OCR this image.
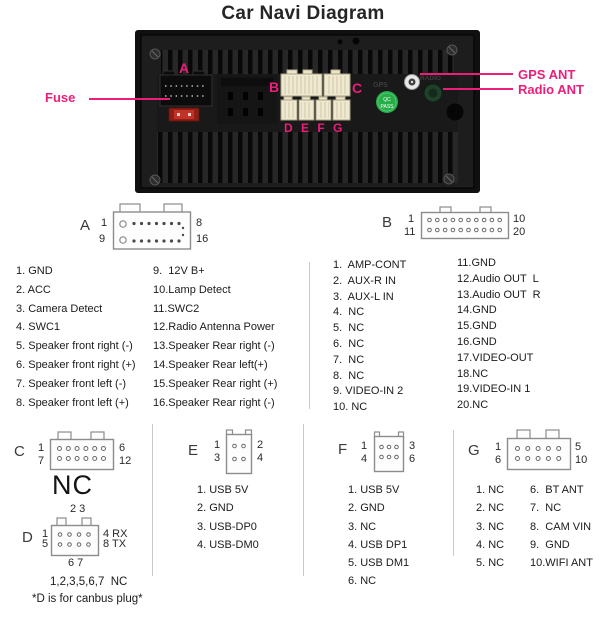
Car Navi Diagram
QC
PASS
GPS
RADIO
A
B	C
D E F G
Fuse
GPS ANT
Radio ANT
A 1
9
8
16
B 1
11
10
20
1. GND
2. ACC
3. Camera Detect
4. SWC1
5. Speaker front right (-)
6. Speaker front right (+)
7. Speaker front left (-)
8. Speaker front left (+)
9.  12V B+
10.Lamp Detect
11.SWC2
12.Radio Antenna Power
13.Speaker Rear right (-)
14.Speaker Rear left(+)
15.Speaker Rear right (+)
16.Speaker Rear right (-)
1.  AMP-CONT
2.  AUX-R IN
3.  AUX-L IN
4.  NC
5.  NC
6.  NC
7.  NC
8.  NC
9. VIDEO-IN 2
10. NC
11.GND
12.Audio OUT  L
13.Audio OUT  R
14.GND
15.GND
16.GND
17.VIDEO-OUT
18.NC
19.VIDEO-IN 1
20.NC
C 1
7
6
12
NC
2 3
D 1
5
4 RX
8 TX
6 7
1,2,3,5,6,7  NC
*D is for canbus plug*
E 1
3
2
4
1. USB 5V
2. GND
3. USB-DP0
4. USB-DM0
F 1
4
3
6
1. USB 5V
2. GND
3. NC
4. USB DP1
5. USB DM1
6. NC
G 1
6
5
10
1. NC
2. NC
3. NC
4. NC
5. NC
6.  BT ANT
7.  NC
8.  CAM VIN
9.  GND
10.WIFI ANT
